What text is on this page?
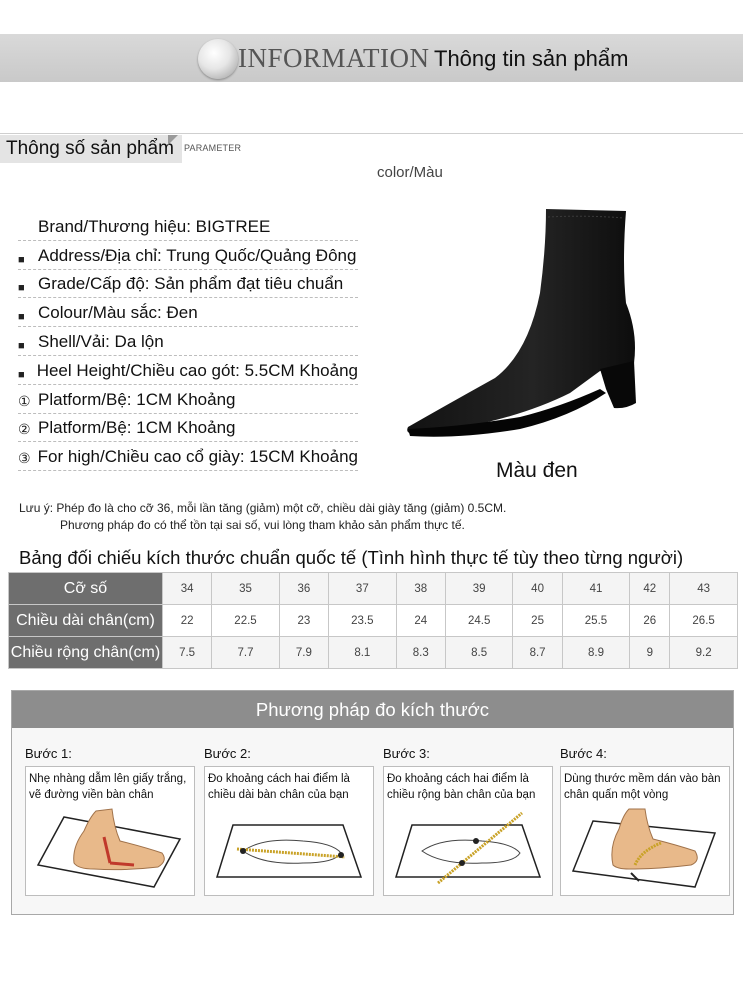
INFORMATION Thông tin sản phẩm
Thông số sản phẩm	PARAMETER
color/Màu
Brand/Thương hiệu: BIGTREE
■ Address/Địa chỉ: Trung Quốc/Quảng Đông
■ Grade/Cấp độ: Sản phẩm đạt tiêu chuẩn
■ Colour/Màu sắc: Đen
■ Shell/Vải: Da lộn
■ Heel Height/Chiều cao gót: 5.5CM Khoảng
① Platform/Bệ: 1CM Khoảng
② Platform/Bệ: 1CM Khoảng
③ For high/Chiều cao cổ giày: 15CM Khoảng
Màu đen
Lưu ý: Phép đo là cho cỡ 36, mỗi lần tăng (giảm) một cỡ, chiều dài giày tăng (giảm) 0.5CM.
Phương pháp đo có thể tồn tại sai số, vui lòng tham khảo sản phẩm thực tế.
Bảng đối chiếu kích thước chuẩn quốc tế (Tình hình thực tế tùy theo từng người)
Cỡ số	34	35	36	37	38	39	40	41	42	43
Chiều dài chân(cm)	22	22.5	23	23.5	24	24.5	25	25.5	26	26.5
Chiều rộng chân(cm)	7.5	7.7	7.9	8.1	8.3	8.5	8.7	8.9	9	9.2
Phương pháp đo kích thước
Bước 1:
Nhẹ nhàng dẫm lên giấy trắng, vẽ đường viền bàn chân
Bước 2:
Đo khoảng cách hai điểm là chiều dài bàn chân của bạn
Bước 3:
Đo khoảng cách hai điểm là chiều rộng bàn chân của bạn
Bước 4:
Dùng thước mềm dán vào bàn chân quấn một vòng
